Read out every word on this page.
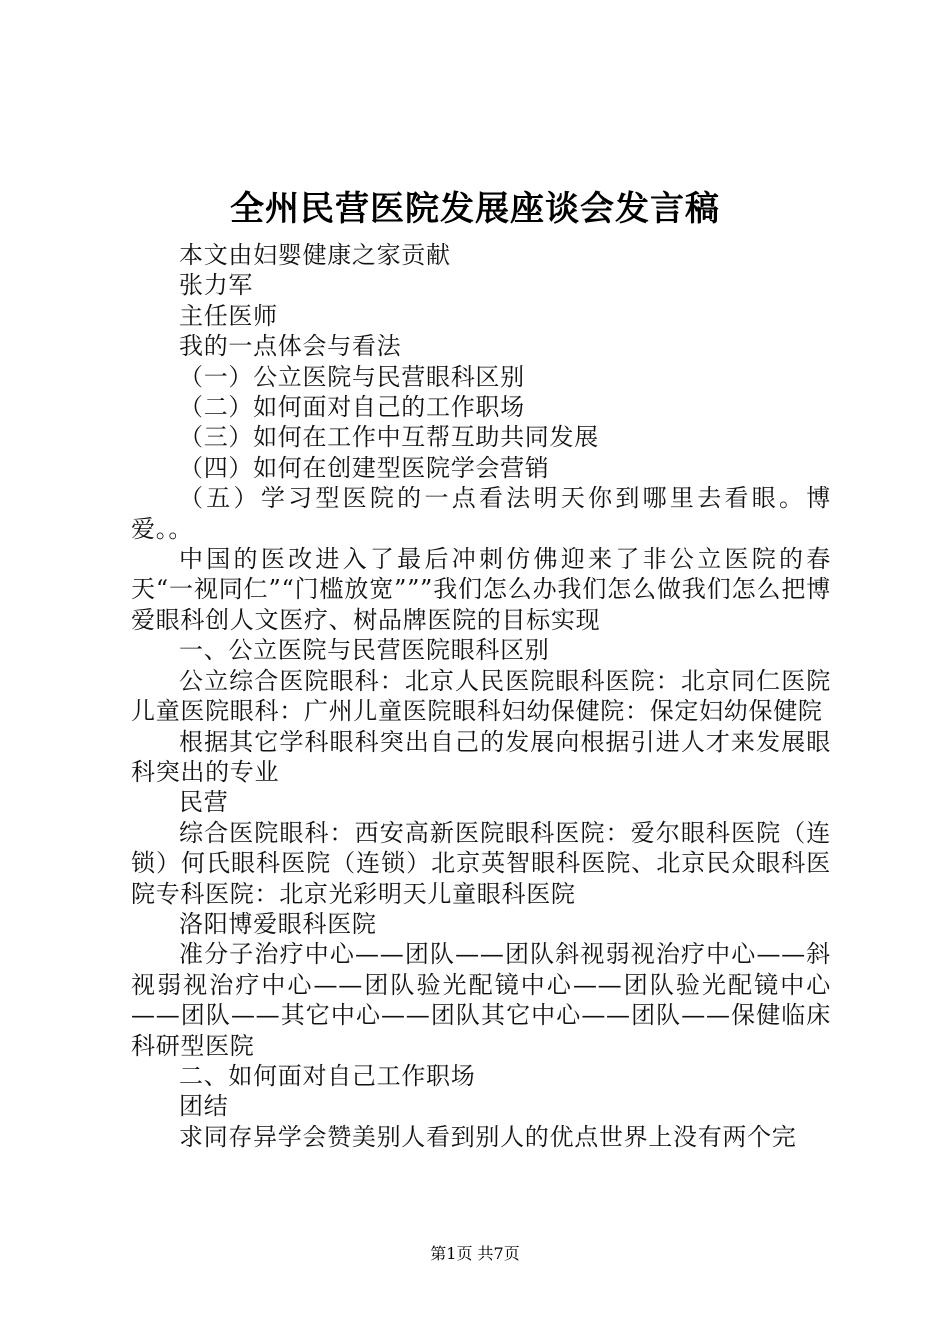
全州民营医院发展座谈会发言稿

本文由妇婴健康之家贡献

张力军

主任医师

我的一点体会与看法

（一）公立医院与民营眼科区别

（二）如何面对自己的工作职场

（三）如何在工作中互帮互助共同发展

（四）如何在创建型医院学会营销

（五）学习型医院的一点看法明天你到哪里去看眼。博爱。。

中国的医改进入了最后冲刺仿佛迎来了非公立医院的春天“一视同仁”“门槛放宽”””我们怎么办我们怎么做我们怎么把博爱眼科创人文医疗、树品牌医院的目标实现

一、公立医院与民营医院眼科区别

公立综合医院眼科：北京人民医院眼科医院：北京同仁医院儿童医院眼科：广州儿童医院眼科妇幼保健院：保定妇幼保健院

根据其它学科眼科突出自己的发展向根据引进人才来发展眼科突出的专业

民营

综合医院眼科：西安高新医院眼科医院：爱尔眼科医院（连锁）何氏眼科医院（连锁）北京英智眼科医院、北京民众眼科医院专科医院：北京光彩明天儿童眼科医院

洛阳博爱眼科医院

准分子治疗中心——团队——团队斜视弱视治疗中心——斜视弱视治疗中心——团队验光配镜中心——团队验光配镜中心——团队——其它中心——团队其它中心——团队——保健临床科研型医院

二、如何面对自己工作职场

团结

求同存异学会赞美别人看到别人的优点世界上没有两个完

第1页 共7页
